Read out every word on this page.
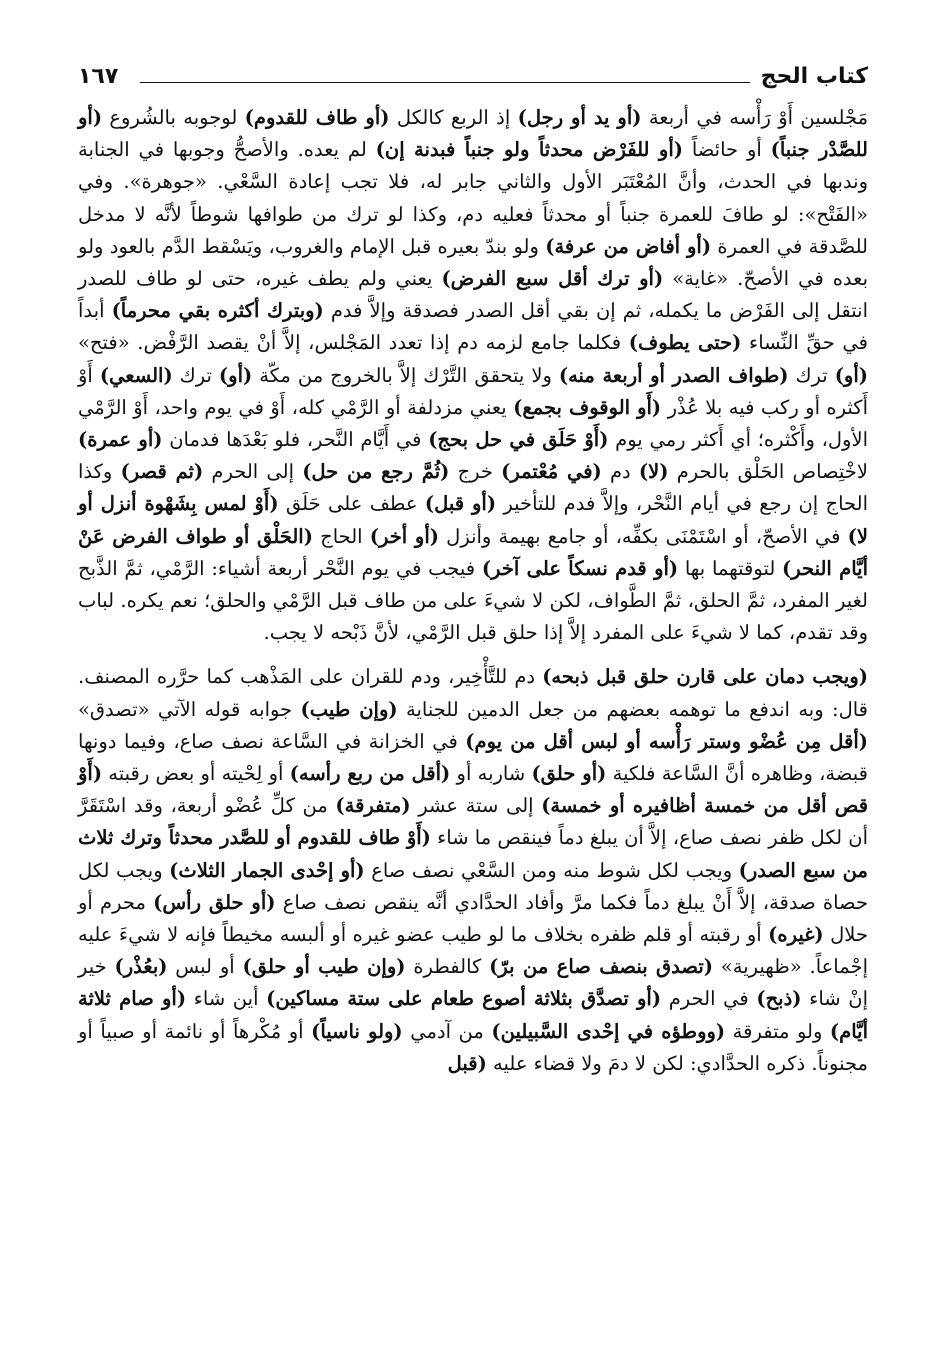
كتاب الحج
١٦٧

مَجْلسين أَوْ رَأْسه في أربعة (أو يد أو رجل) إذ الربع كالكل (أو طاف للقدوم) لوجوبه بالشُروع (أو للصَّدْر جنباً) أو حائضاً (أو للفَرْض محدثاً ولو جنباً فبدنة إن) لم يعده. والأصحُّ وجوبها في الجنابة وندبها في الحدث، وأنَّ المُعْتَبَر الأول والثاني جابر له، فلا تجب إعادة السَّعْي. «جوهرة». وفي «الفَتْح»: لو طافَ للعمرة جنباً أو محدثاً فعليه دم، وكذا لو ترك من طوافها شوطاً لأنَّه لا مدخل للصَّدقة في العمرة (أو أفاض من عرفة) ولو بندّ بعيره قبل الإمام والغروب، ويَسْقط الدَّم بالعود ولو بعده في الأصحّ. «غاية» (أو ترك أقل سبع الفرض) يعني ولم يطف غيره، حتى لو طاف للصدر انتقل إلى الفَرْض ما يكمله، ثم إن بقي أقل الصدر فصدقة وإلاَّ فدم (وبترك أكثره بقي محرماً) أبداً في حقِّ النِّساء (حتى يطوف) فكلما جامع لزمه دم إذا تعدد المَجْلس، إلاَّ أنْ يقصد الرَّفْض. «فتح» (أو) ترك (طواف الصدر أو أربعة منه) ولا يتحقق التَّرْك إلاَّ بالخروج من مكّة (أو) ترك (السعي) أَوْ أَكثره أو ركب فيه بلا عُذْر (أَو الوقوف بجمع) يعني مزدلفة أو الرَّمْي كله، أَوْ في يوم واحد، أَوْ الرَّمْي الأول، وأَكْثره؛ أي أَكثر رمي يوم (أَوْ حَلَق في حل بحج) في أَيَّام النَّحر، فلو بَعْدَها فدمان (أو عمرة) لاخْتِصاص الحَلْق بالحرم (لا) دم (في مُعْتمر) خرج (ثُمَّ رجع من حل) إلى الحرم (ثم قصر) وكذا الحاج إن رجع في أيام النَّحْر، وإلاَّ فدم للتأخير (أو قبل) عطف على حَلَق (أَوْ لمس بِشَهْوة أنزل أو لا) في الأصحّ، أو اسْتَمْنَى بكفِّه، أو جامع بهيمة وأنزل (أو أخر) الحاج (الحَلْق أو طواف الفرض عَنْ أيَّام النحر) لتوقتهما بها (أو قدم نسكاً على آخر) فيجب في يوم النَّحْر أربعة أشياء: الرَّمْي، ثمَّ الذَّبح لغير المفرد، ثمَّ الحلق، ثمَّ الطَّواف، لكن لا شيءَ على من طاف قبل الرَّمْي والحلق؛ نعم يكره. لباب وقد تقدم، كما لا شيءَ على المفرد إلاَّ إذا حلق قبل الرَّمْي، لأنَّ ذَبْحه لا يجب.

(ويجب دمان على قارن حلق قبل ذبحه) دم للتَّأْخِير، ودم للقران على المَذْهب كما حرَّره المصنف. قال: وبه اندفع ما توهمه بعضهم من جعل الدمين للجناية (وإن طيب) جوابه قوله الآتي «تصدق» (أقل مِن عُضْو وستر رَأْسه أو لبس أقل من يوم) في الخزانة في السَّاعة نصف صاع، وفيما دونها قبضة، وظاهره أنَّ السَّاعة فلكية (أو حلق) شاربه أو (أقل من ربع رأسه) أو لِحْيته أو بعض رقبته (أَوْ قص أقل من خمسة أظافيره أو خمسة) إلى ستة عشر (متفرقة) من كلِّ عُضْو أربعة، وقد اسْتَقَرَّ أن لكل ظفر نصف صاع، إلاَّ أن يبلغ دماً فينقص ما شاء (أَوْ طاف للقدوم أو للصَّدر محدثاً وترك ثلاث من سبع الصدر) ويجب لكل شوط منه ومن السَّعْي نصف صاع (أو إحْدى الجمار الثلاث) ويجب لكل حصاة صدقة، إلاَّ أَنْ يبلغ دماً فكما مرَّ وأفاد الحدَّادي أنَّه ينقص نصف صاع (أو حلق رأس) محرم أو حلال (غيره) أو رقبته أو قلم ظفره بخلاف ما لو طيب عضو غيره أو ألبسه مخيطاً فإنه لا شيءَ عليه إجْماعاً. «ظهيرية» (تصدق بنصف صاع من برّ) كالفطرة (وإن طيب أو حلق) أو لبس (بعُذْر) خير إنْ شاء (ذبح) في الحرم (أو تصدَّق بثلاثة أصوع طعام على ستة مساكين) أين شاء (أو صام ثلاثة أيَّام) ولو متفرقة (ووطؤه في إحْدى السَّبيلين) من آدمي (ولو ناسياً) أو مُكْرهاً أو نائمة أو صبياً أو مجنوناً. ذكره الحدَّادي: لكن لا دمَ ولا قضاء عليه (قبل
